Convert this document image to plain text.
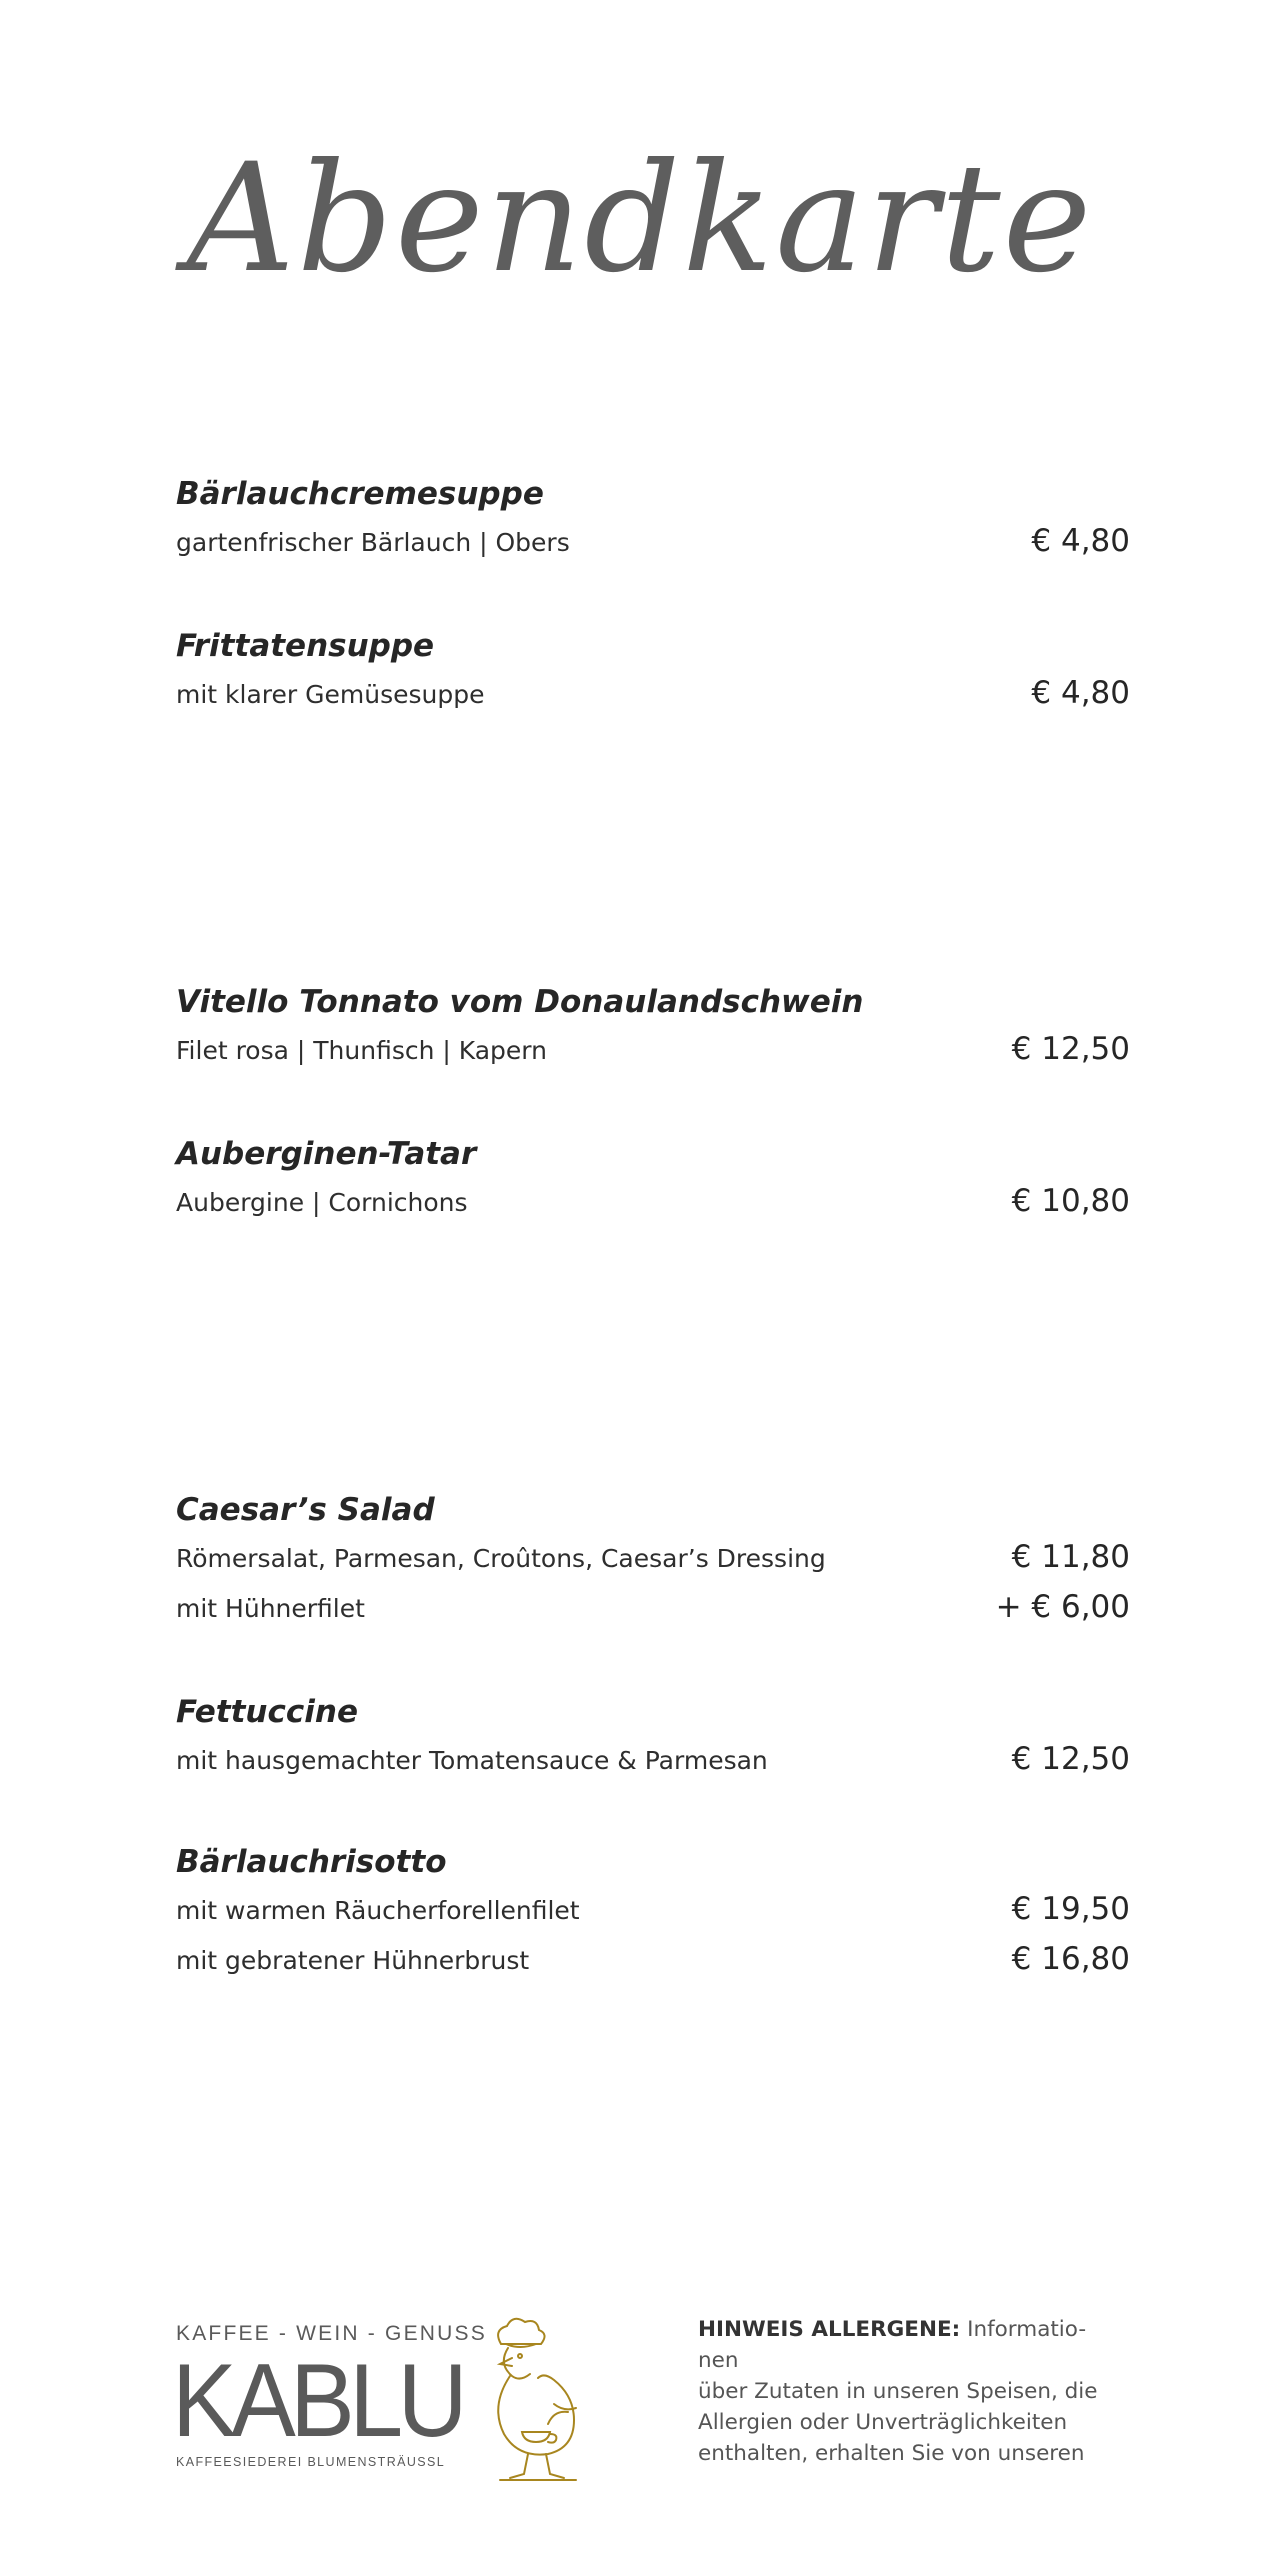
Abendkarte
Bärlauchcremesuppe
gartenfrischer Bärlauch | Obers	€ 4,80
Frittatensuppe
mit klarer Gemüsesuppe	€ 4,80
Vitello Tonnato vom Donaulandschwein
Filet rosa | Thunfisch | Kapern	€ 12,50
Auberginen-Tatar
Aubergine | Cornichons	€ 10,80
Caesar’s Salad
Römersalat, Parmesan, Croûtons, Caesar’s Dressing	€ 11,80
mit Hühnerfilet	+ € 6,00
Fettuccine
mit hausgemachter Tomatensauce & Parmesan	€ 12,50
Bärlauchrisotto
mit warmen Räucherforellenfilet	€ 19,50
mit gebratener Hühnerbrust	€ 16,80
KAFFEE - WEIN - GENUSS
KABLU
KAFFEESIEDEREI BLUMENSTRÄUSSL
HINWEIS ALLERGENE: Informatio-
nen
über Zutaten in unseren Speisen, die
Allergien oder Unverträglichkeiten
enthalten, erhalten Sie von unseren
